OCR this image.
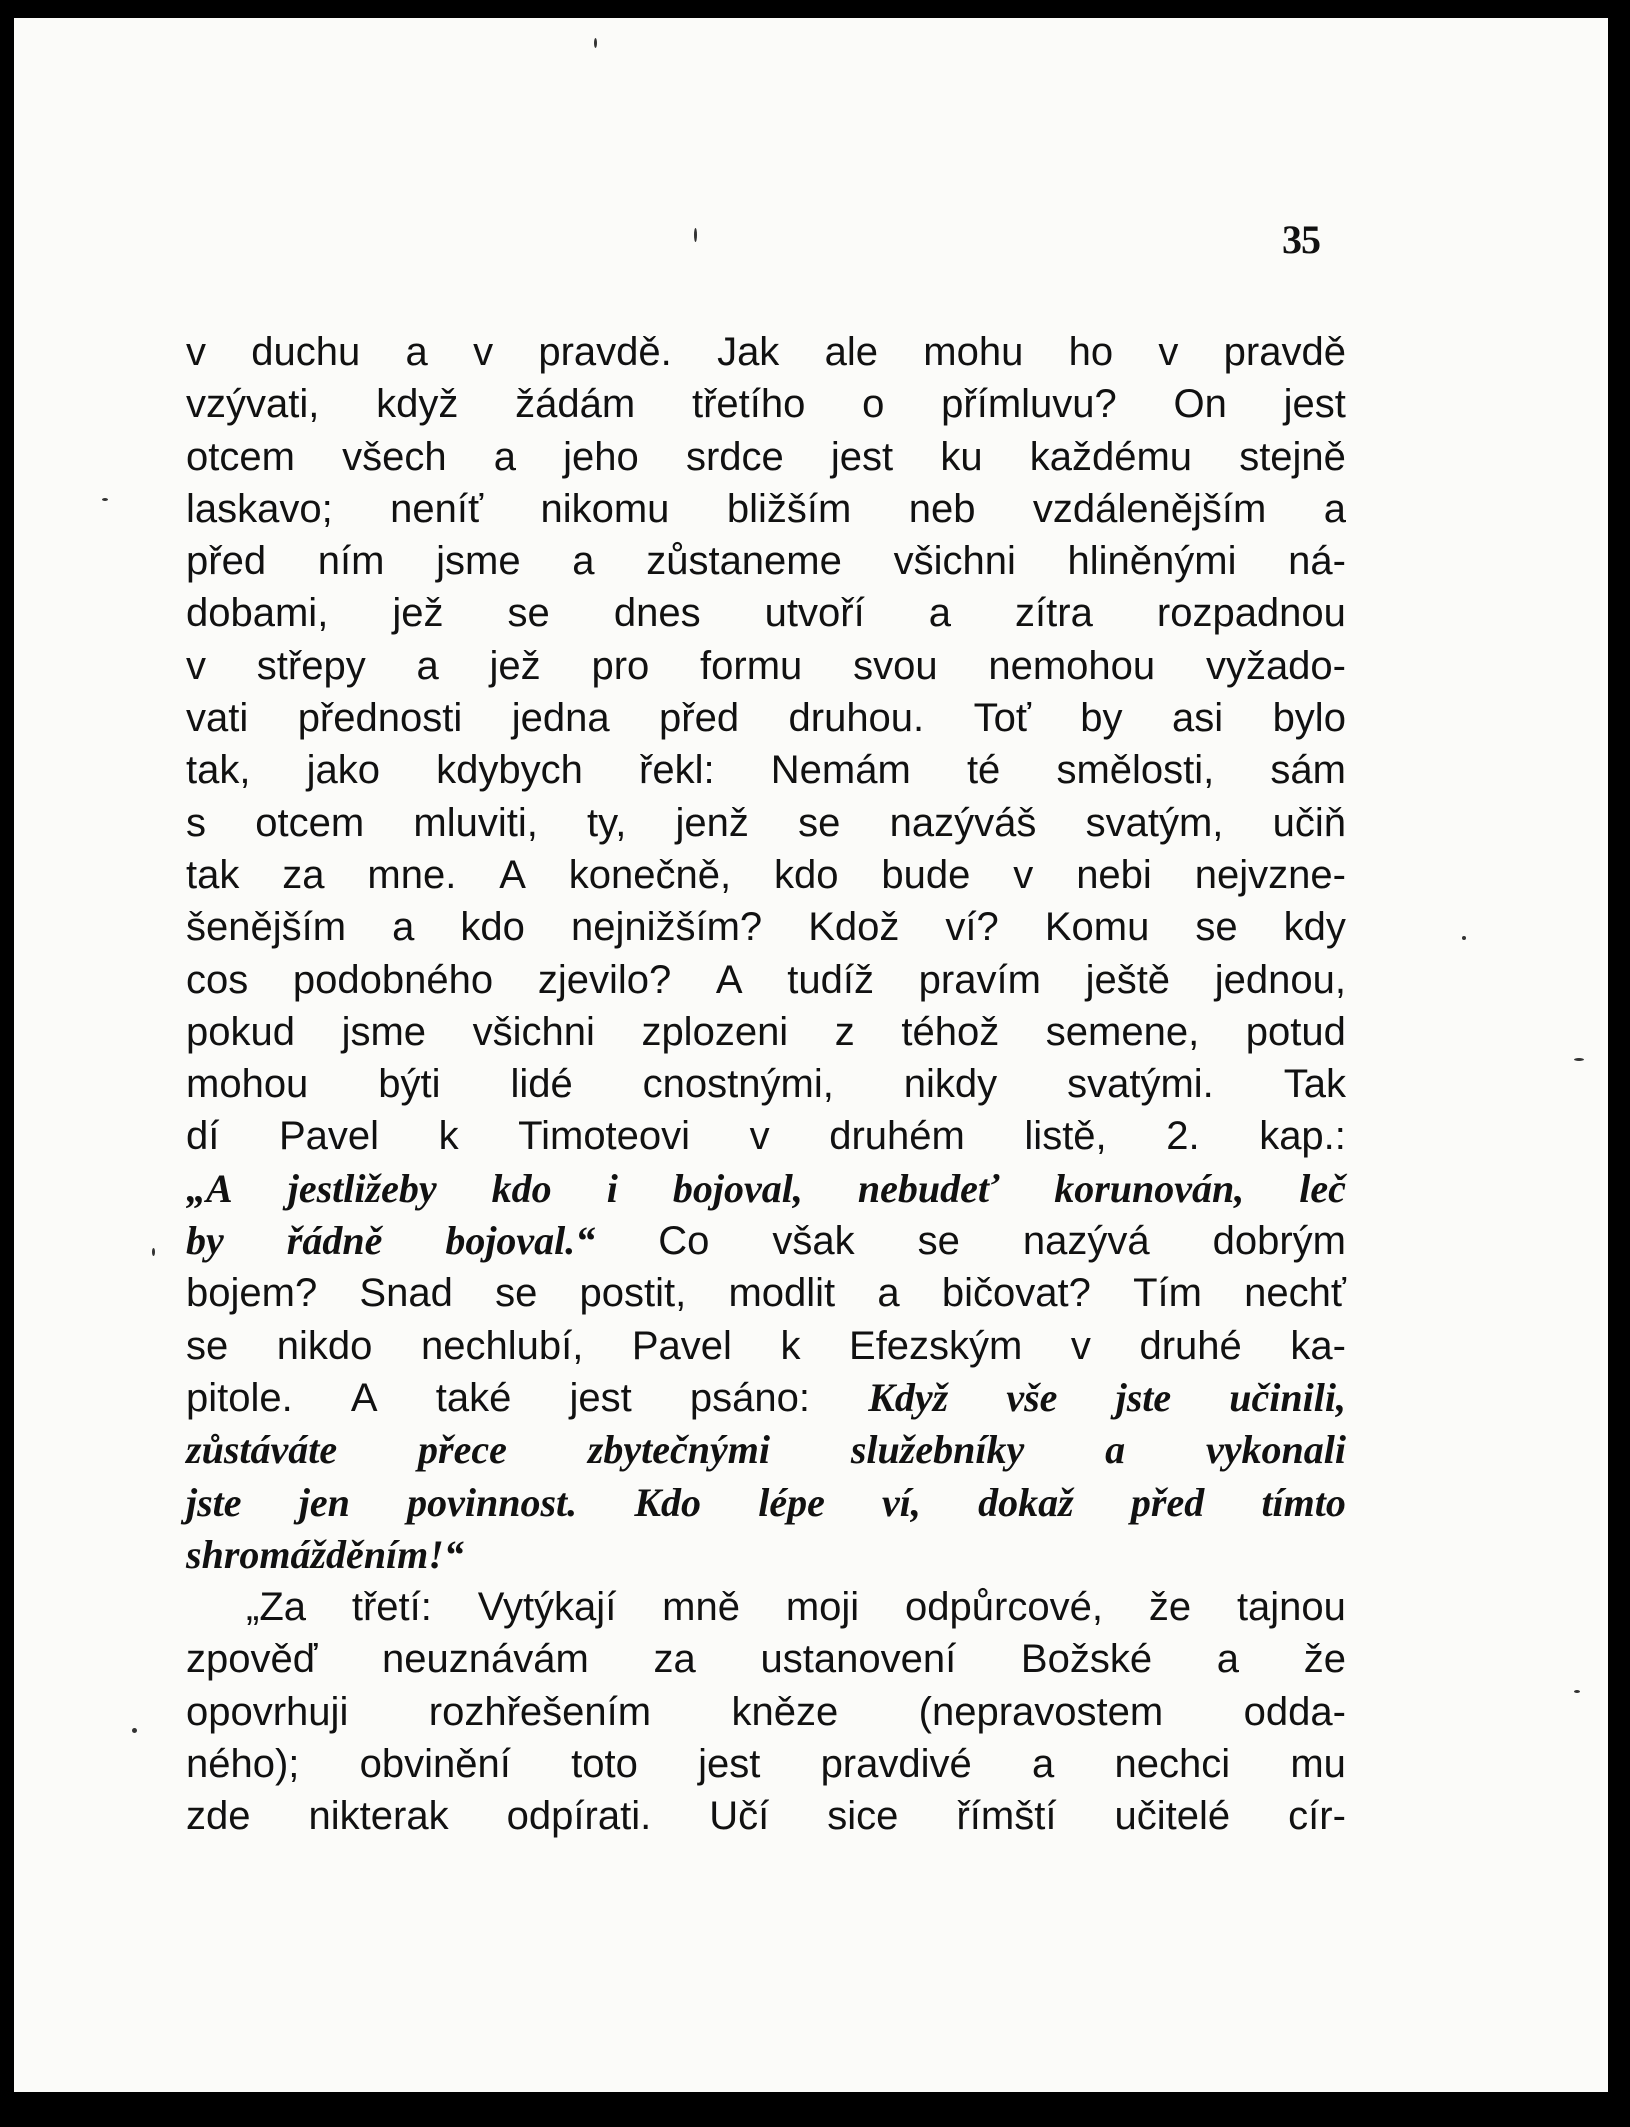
35
v duchu a v pravdě. Jak ale mohu ho v pravdě
vzývati, když žádám třetího o přímluvu? On jest
otcem všech a jeho srdce jest ku každému stejně
laskavo; neníť nikomu bližším neb vzdálenějším a
před ním jsme a zůstaneme všichni hliněnými ná-
dobami, jež se dnes utvoří a zítra rozpadnou
v střepy a jež pro formu svou nemohou vyžado-
vati přednosti jedna před druhou. Toť by asi bylo
tak, jako kdybych řekl: Nemám té smělosti, sám
s otcem mluviti, ty, jenž se nazýváš svatým, učiň
tak za mne. A konečně, kdo bude v nebi nejvzne-
šenějším a kdo nejnižším? Kdož ví? Komu se kdy
cos podobného zjevilo? A tudíž pravím ještě jednou,
pokud jsme všichni zplozeni z téhož semene, potud
mohou býti lidé cnostnými, nikdy svatými. Tak
dí Pavel k Timoteovi v druhém listě, 2. kap.:
„A jestližeby kdo i bojoval, nebudeť korunován, leč
by řádně bojoval.“ Co však se nazývá dobrým
bojem? Snad se postit, modlit a bičovat? Tím nechť
se nikdo nechlubí, Pavel k Efezským v druhé ka-
pitole. A také jest psáno: Když vše jste učinili,
zůstáváte přece zbytečnými služebníky a vykonali
jste jen povinnost. Kdo lépe ví, dokaž před tímto
shromážděním!“
„Za třetí: Vytýkají mně moji odpůrcové, že tajnou
zpověď neuznávám za ustanovení Božské a že
opovrhuji rozhřešením kněze (nepravostem odda-
ného); obvinění toto jest pravdivé a nechci mu
zde nikterak odpírati. Učí sice římští učitelé cír-
